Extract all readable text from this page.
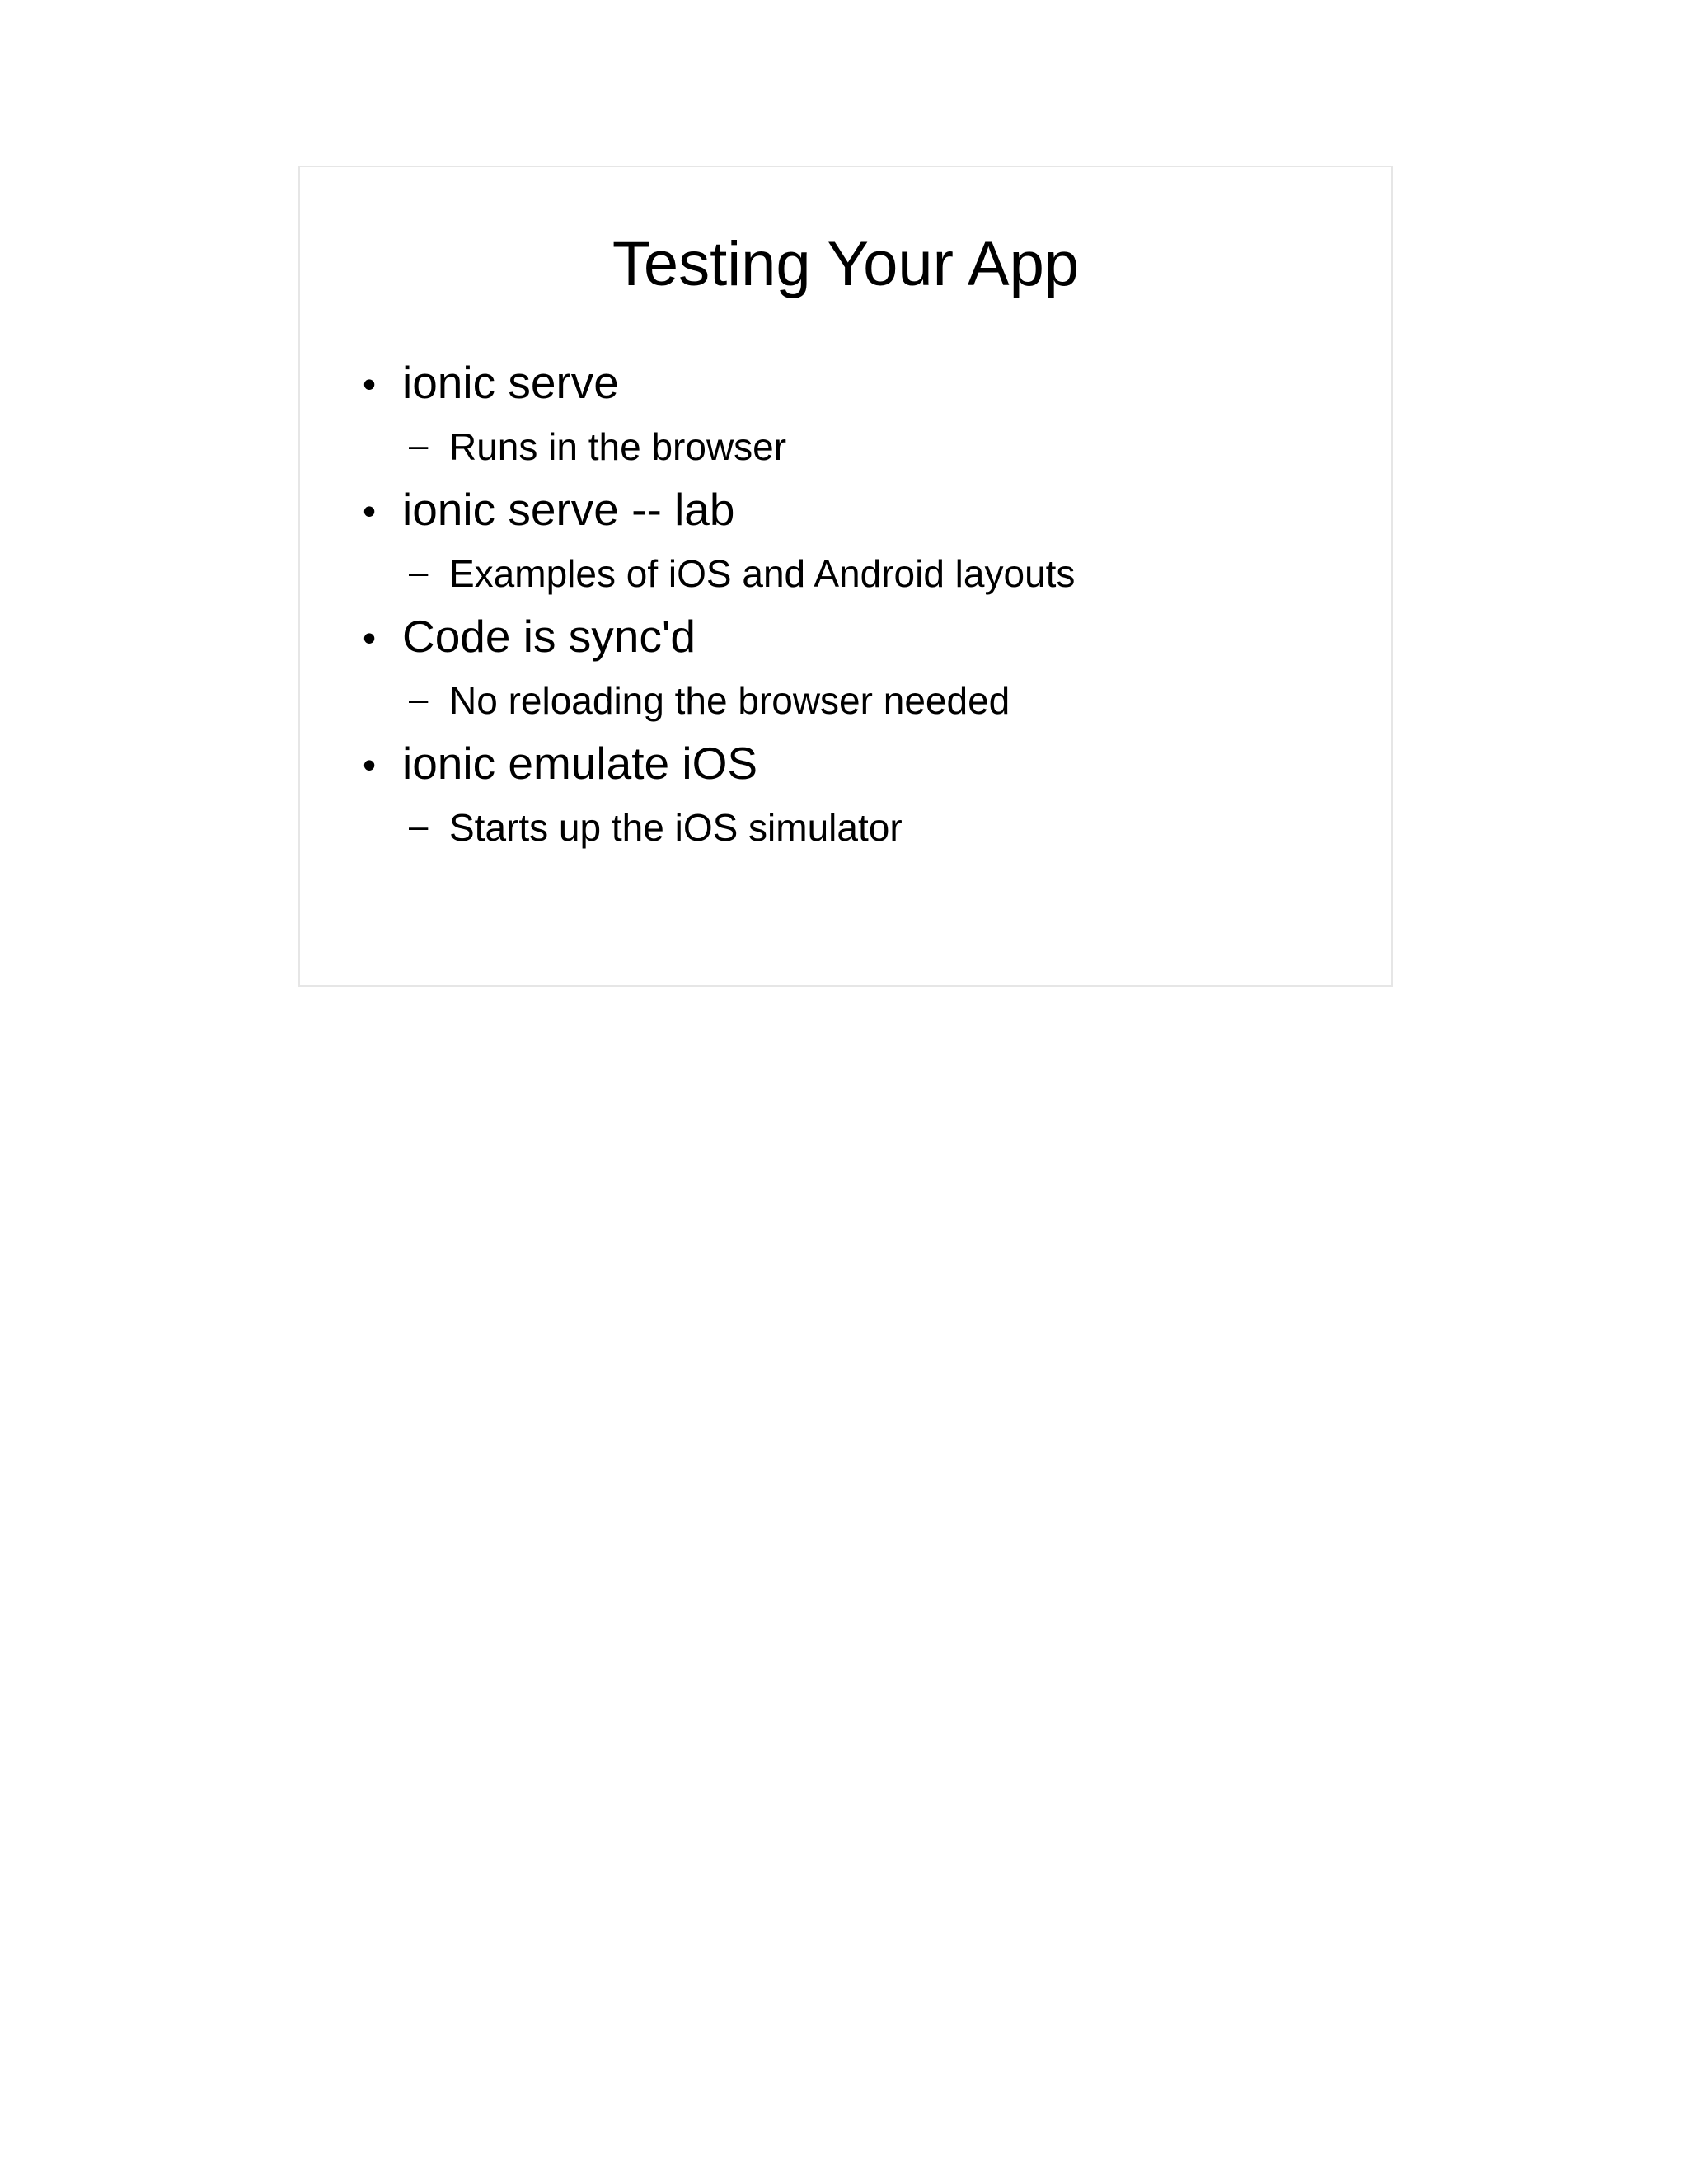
Testing Your App
• ionic serve
– Runs in the browser
• ionic serve -- lab
– Examples of iOS and Android layouts
• Code is sync'd
– No reloading the browser needed
• ionic emulate iOS
– Starts up the iOS simulator
